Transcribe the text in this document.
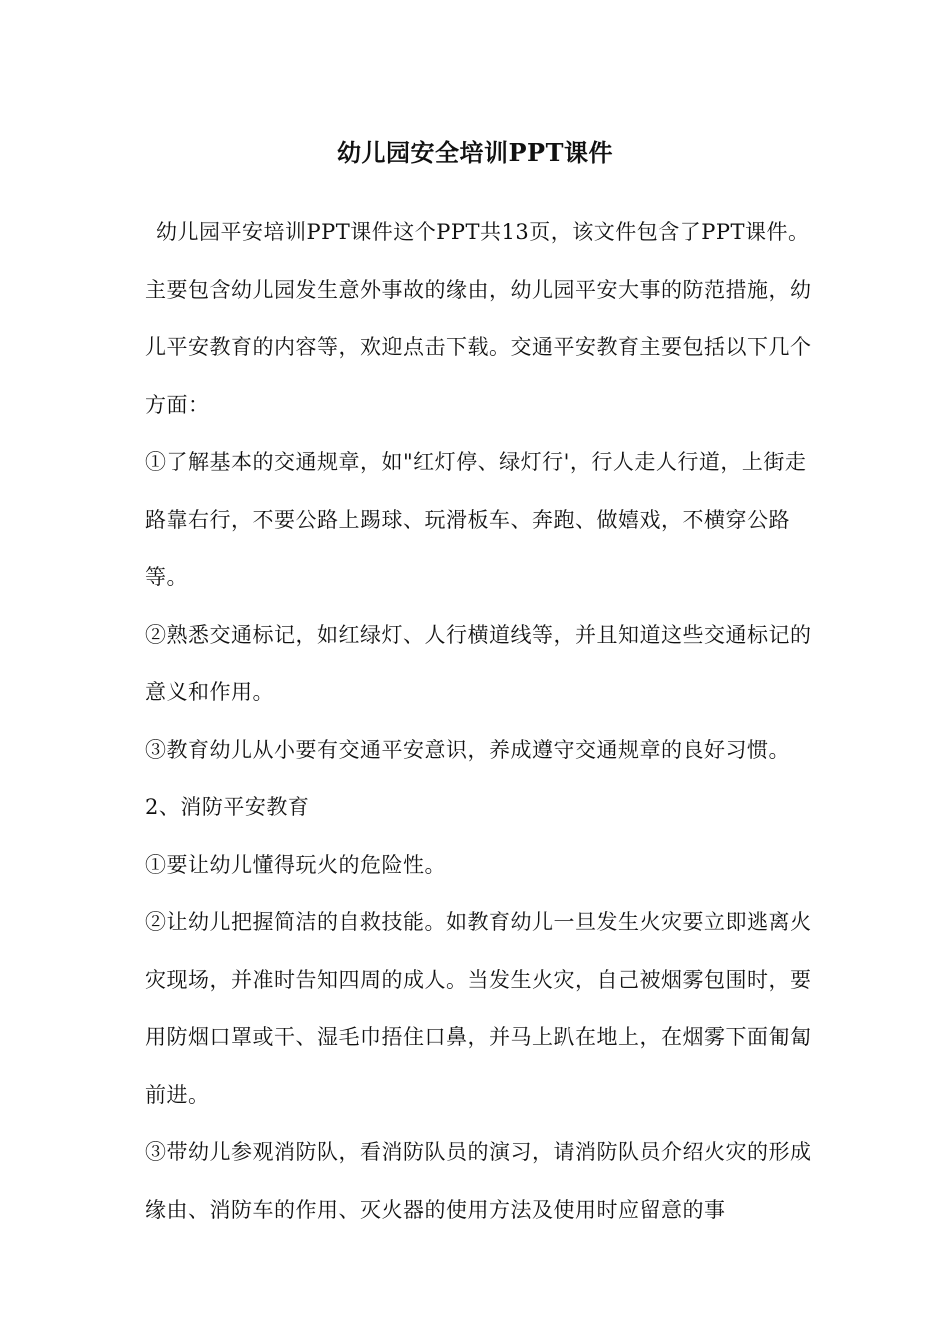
幼儿园安全培训PPT课件

幼儿园平安培训PPT课件这个PPT共13页，该文件包含了PPT课件。主要包含幼儿园发生意外事故的缘由，幼儿园平安大事的防范措施，幼儿平安教育的内容等，欢迎点击下载。交通平安教育主要包括以下几个方面：

①了解基本的交通规章，如"红灯停、绿灯行'，行人走人行道，上街走路靠右行，不要公路上踢球、玩滑板车、奔跑、做嬉戏，不横穿公路等。

②熟悉交通标记，如红绿灯、人行横道线等，并且知道这些交通标记的意义和作用。

③教育幼儿从小要有交通平安意识，养成遵守交通规章的良好习惯。

2、消防平安教育

①要让幼儿懂得玩火的危险性。

②让幼儿把握简洁的自救技能。如教育幼儿一旦发生火灾要立即逃离火灾现场，并准时告知四周的成人。当发生火灾，自己被烟雾包围时，要用防烟口罩或干、湿毛巾捂住口鼻，并马上趴在地上，在烟雾下面匍匐前进。

③带幼儿参观消防队，看消防队员的演习，请消防队员介绍火灾的形成缘由、消防车的作用、灭火器的使用方法及使用时应留意的事
